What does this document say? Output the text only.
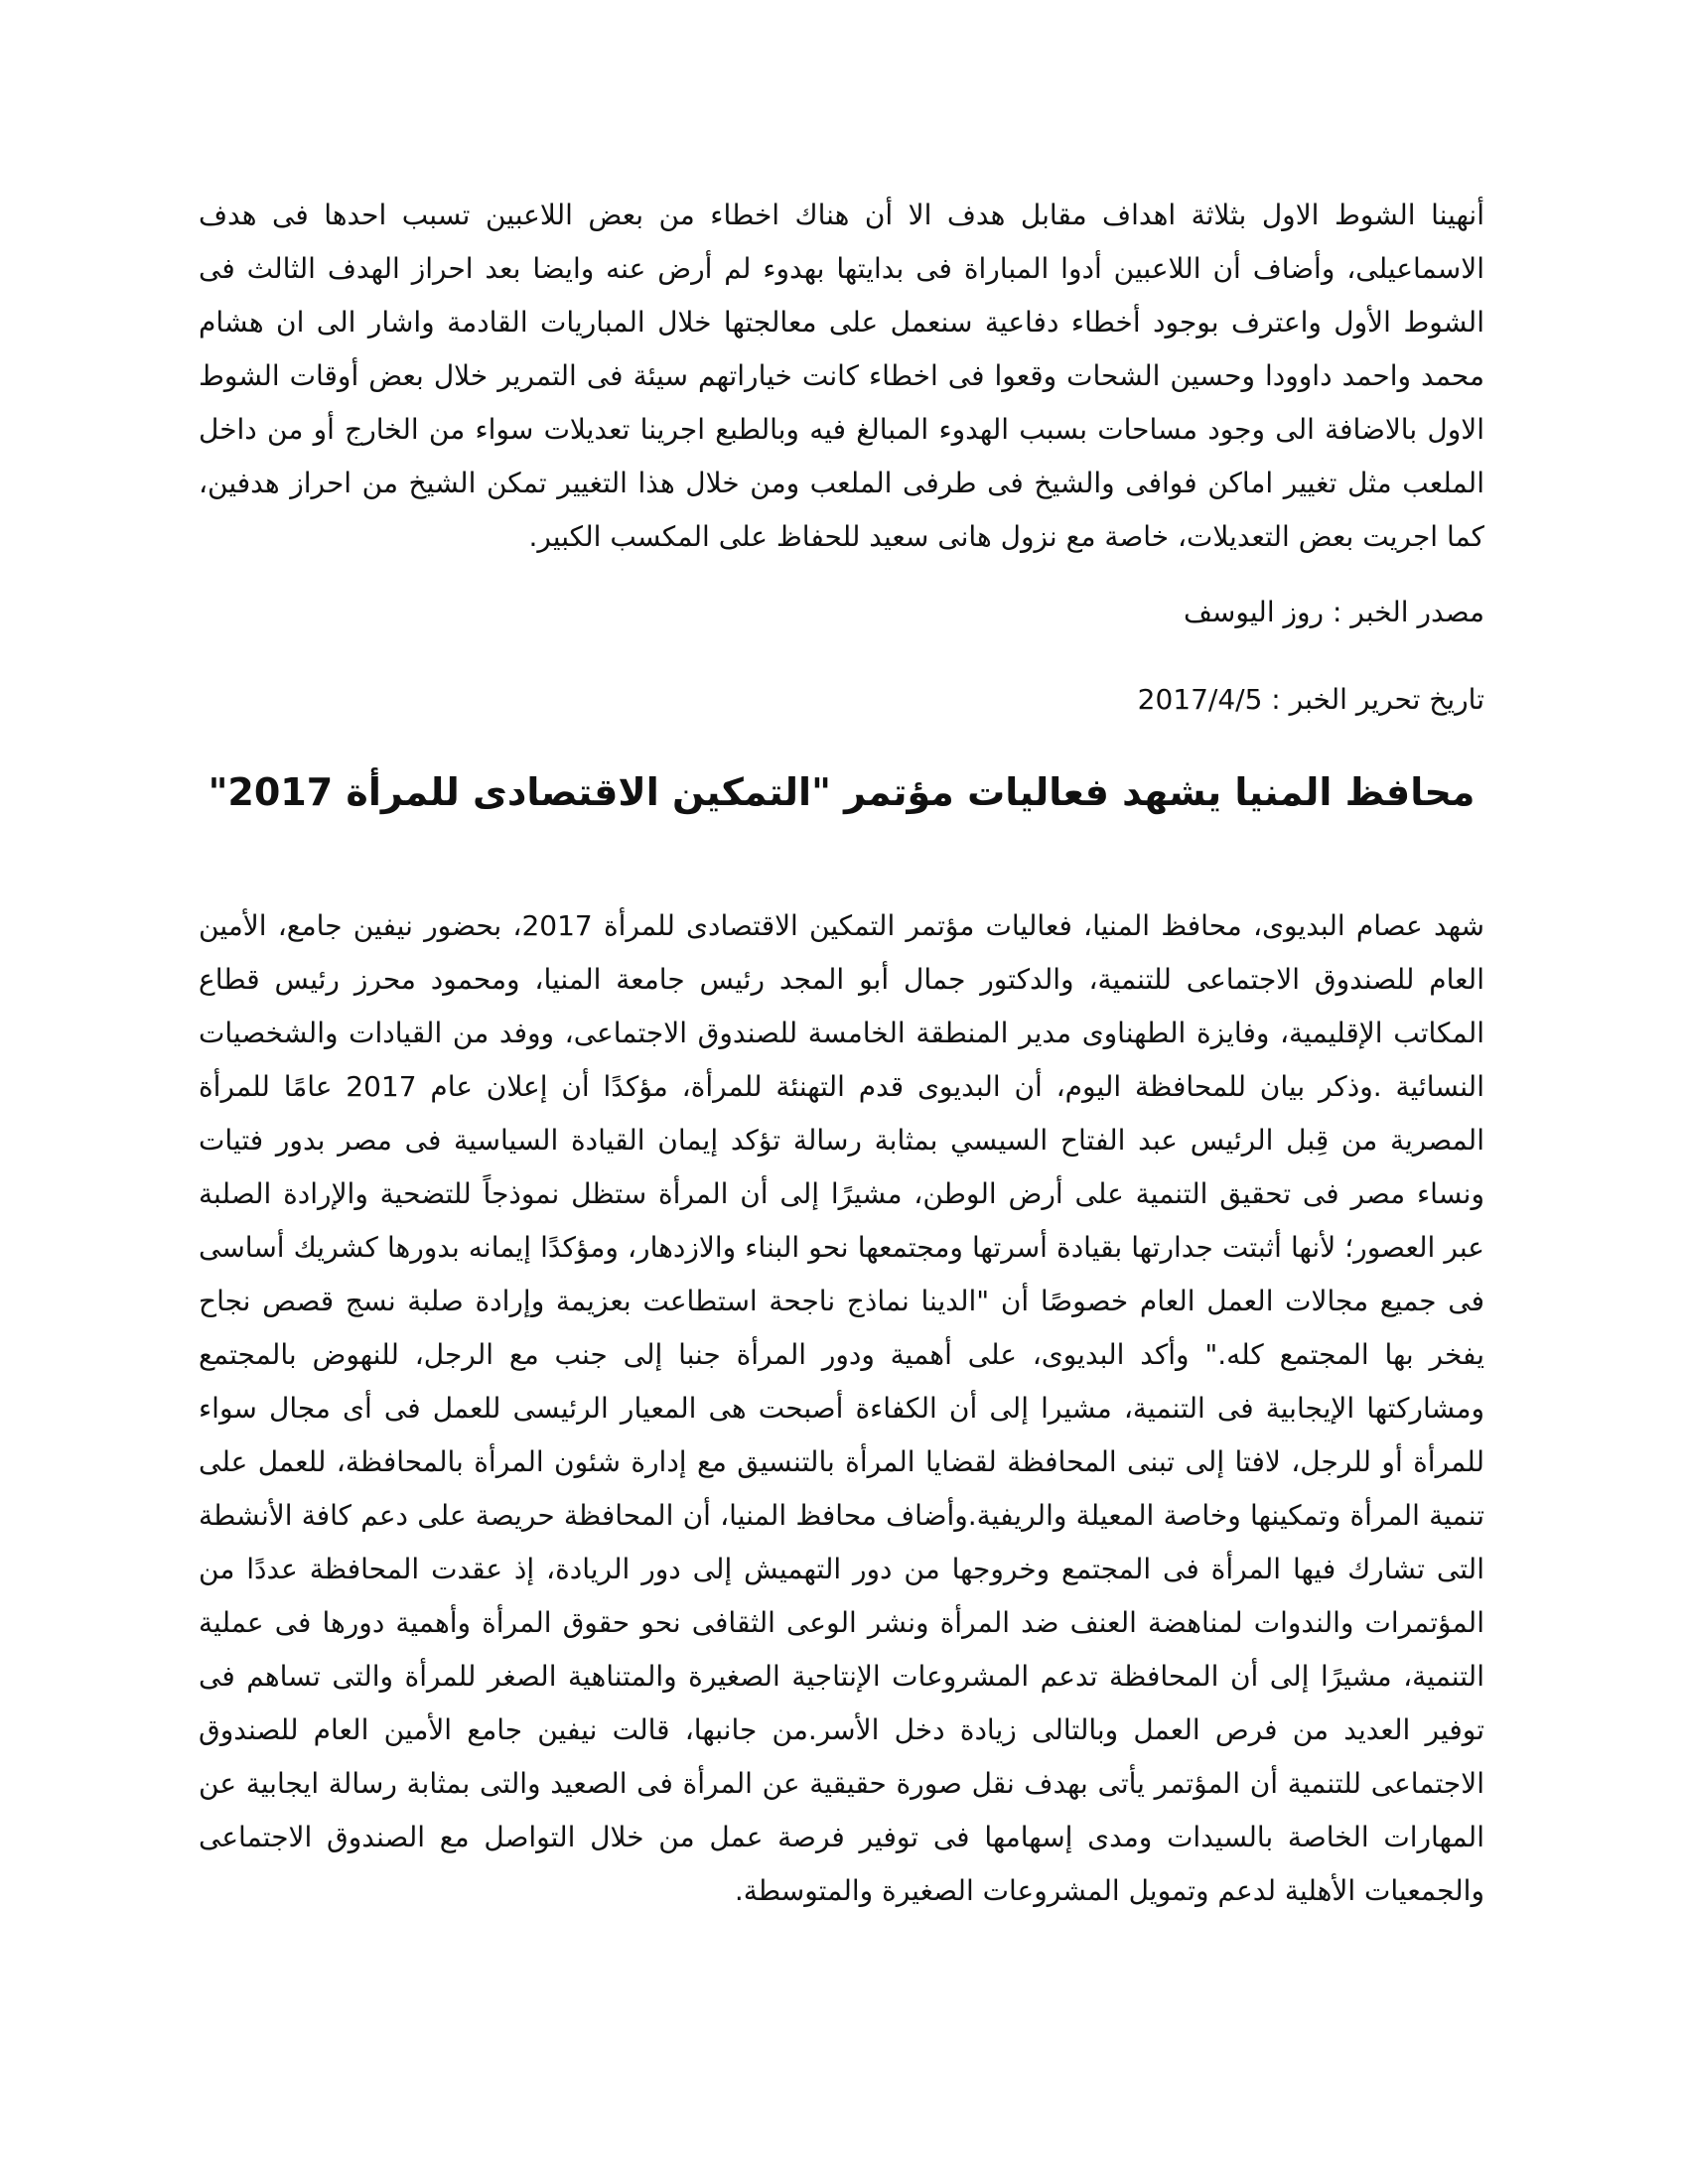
أنهينا الشوط الاول بثلاثة اهداف مقابل هدف الا أن هناك اخطاء من بعض اللاعبين تسبب احدها فى هدف الاسماعيلى، وأضاف أن اللاعبين أدوا المباراة فى بدايتها بهدوء لم أرض عنه وايضا بعد احراز الهدف الثالث فى الشوط الأول واعترف بوجود أخطاء دفاعية سنعمل على معالجتها خلال المباريات القادمة واشار الى ان هشام محمد واحمد داوودا وحسين الشحات وقعوا فى اخطاء كانت خياراتهم سيئة فى التمرير خلال بعض أوقات الشوط الاول بالاضافة الى وجود مساحات بسبب الهدوء المبالغ فيه وبالطبع اجرينا تعديلات سواء من الخارج أو من داخل الملعب مثل تغيير اماكن فوافى والشيخ فى طرفى الملعب ومن خلال هذا التغيير تمكن الشيخ من احراز هدفين، كما اجريت بعض التعديلات، خاصة مع نزول هانى سعيد للحفاظ على المكسب الكبير.

مصدر الخبر : روز اليوسف

تاريخ تحرير الخبر : 2017/4/5

محافظ المنيا يشهد فعاليات مؤتمر "التمكين الاقتصادى للمرأة 2017"

شهد عصام البديوى، محافظ المنيا، فعاليات مؤتمر التمكين الاقتصادى للمرأة 2017، بحضور نيفين جامع، الأمين العام للصندوق الاجتماعى للتنمية، والدكتور جمال أبو المجد رئيس جامعة المنيا، ومحمود محرز رئيس قطاع المكاتب الإقليمية، وفايزة الطهناوى مدير المنطقة الخامسة للصندوق الاجتماعى، ووفد من القيادات والشخصيات النسائية .وذكر بيان للمحافظة اليوم، أن البديوى قدم التهنئة للمرأة، مؤكدًا أن إعلان عام 2017 عامًا للمرأة المصرية من قِبل الرئيس عبد الفتاح السيسي بمثابة رسالة تؤكد إيمان القيادة السياسية فى مصر بدور فتيات ونساء مصر فى تحقيق التنمية على أرض الوطن، مشيرًا إلى أن المرأة ستظل نموذجاً للتضحية والإرادة الصلبة عبر العصور؛ لأنها أثبتت جدارتها بقيادة أسرتها ومجتمعها نحو البناء والازدهار، ومؤكدًا إيمانه بدورها كشريك أساسى فى جميع مجالات العمل العام خصوصًا أن "الدينا نماذج ناجحة استطاعت بعزيمة وإرادة صلبة نسج قصص نجاح يفخر بها المجتمع كله." وأكد البديوى، على أهمية ودور المرأة جنبا إلى جنب مع الرجل، للنهوض بالمجتمع ومشاركتها الإيجابية فى التنمية، مشيرا إلى أن الكفاءة أصبحت هى المعيار الرئيسى للعمل فى أى مجال سواء للمرأة أو للرجل، لافتا إلى تبنى المحافظة لقضايا المرأة بالتنسيق مع إدارة شئون المرأة بالمحافظة، للعمل على تنمية المرأة وتمكينها وخاصة المعيلة والريفية.وأضاف محافظ المنيا، أن المحافظة حريصة على دعم كافة الأنشطة التى تشارك فيها المرأة فى المجتمع وخروجها من دور التهميش إلى دور الريادة، إذ عقدت المحافظة عددًا من المؤتمرات والندوات لمناهضة العنف ضد المرأة ونشر الوعى الثقافى نحو حقوق المرأة وأهمية دورها فى عملية التنمية، مشيرًا إلى أن المحافظة تدعم المشروعات الإنتاجية الصغيرة والمتناهية الصغر للمرأة والتى تساهم فى توفير العديد من فرص العمل وبالتالى زيادة دخل الأسر.من جانبها، قالت نيفين جامع الأمين العام للصندوق الاجتماعى للتنمية أن المؤتمر يأتى بهدف نقل صورة حقيقية عن المرأة فى الصعيد والتى بمثابة رسالة ايجابية عن المهارات الخاصة بالسيدات ومدى إسهامها فى توفير فرصة عمل من خلال التواصل مع الصندوق الاجتماعى والجمعيات الأهلية لدعم وتمويل المشروعات الصغيرة والمتوسطة.
